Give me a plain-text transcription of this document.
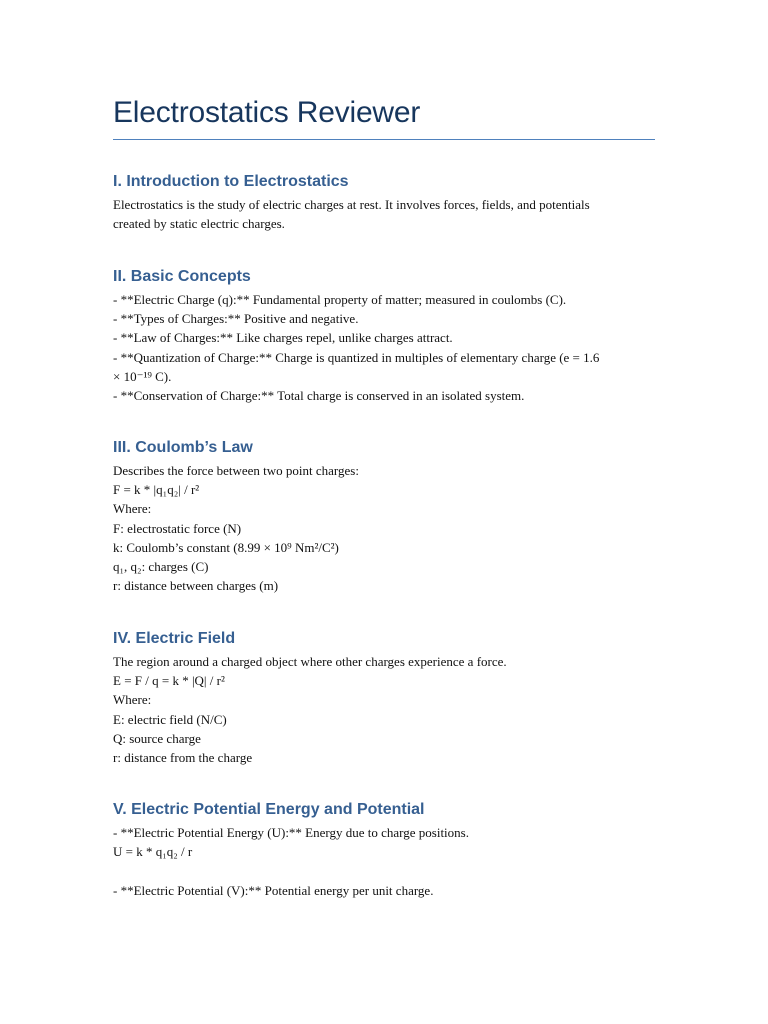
Electrostatics Reviewer
I. Introduction to Electrostatics
Electrostatics is the study of electric charges at rest. It involves forces, fields, and potentials
created by static electric charges.
II. Basic Concepts
- **Electric Charge (q):** Fundamental property of matter; measured in coulombs (C).
- **Types of Charges:** Positive and negative.
- **Law of Charges:** Like charges repel, unlike charges attract.
- **Quantization of Charge:** Charge is quantized in multiples of elementary charge (e = 1.6
× 10⁻¹⁹ C).
- **Conservation of Charge:** Total charge is conserved in an isolated system.
III. Coulomb’s Law
Describes the force between two point charges:
F = k * |q₁q₂| / r²
Where:
F: electrostatic force (N)
k: Coulomb’s constant (8.99 × 10⁹ Nm²/C²)
q₁, q₂: charges (C)
r: distance between charges (m)
IV. Electric Field
The region around a charged object where other charges experience a force.
E = F / q = k * |Q| / r²
Where:
E: electric field (N/C)
Q: source charge
r: distance from the charge
V. Electric Potential Energy and Potential
- **Electric Potential Energy (U):** Energy due to charge positions.
U = k * q₁q₂ / r
- **Electric Potential (V):** Potential energy per unit charge.
